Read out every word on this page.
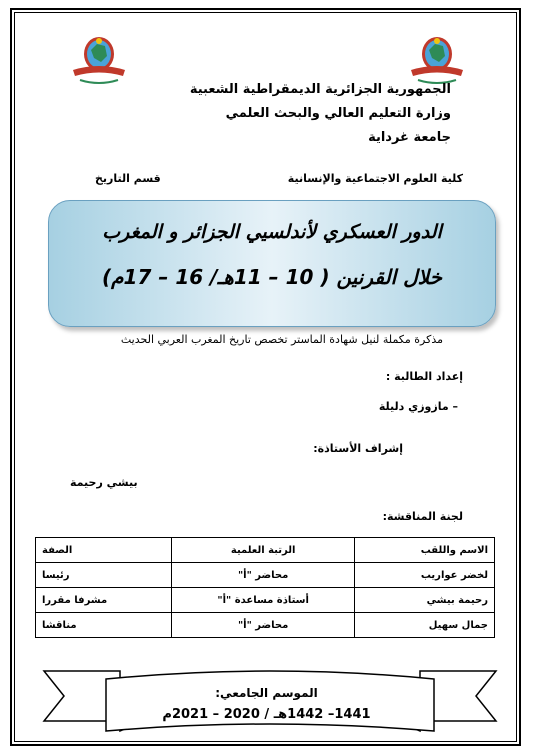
الجمهورية الجزائرية الديمقراطية الشعبية
وزارة التعليم العالي والبحث العلمي
جامعة غرداية
كلية العلوم الاجتماعية والإنسانية
قسم التاريخ
الدور العسكري لأندلسيي الجزائر و المغرب
خلال القرنين ( 10 – 11هـ/ 16 – 17م)
مذكرة مكملة لنيل شهادة الماستر تخصص تاريخ المغرب العربي الحديث
إعداد الطالبة :
– مازوزي دليلة
إشراف الأستاذة:
بيشي رحيمة
لجنة المناقشة:
الاسم واللقب	الرتبة العلمية	الصفة
لخضر عواريب	محاضر "أ"	رئيسا
رحيمة بيشي	أستاذة مساعدة "أ"	مشرفا مقررا
جمال سهيل	محاضر "أ"	مناقشا
الموسم الجامعي:
1441– 1442هـ / 2020 – 2021م
